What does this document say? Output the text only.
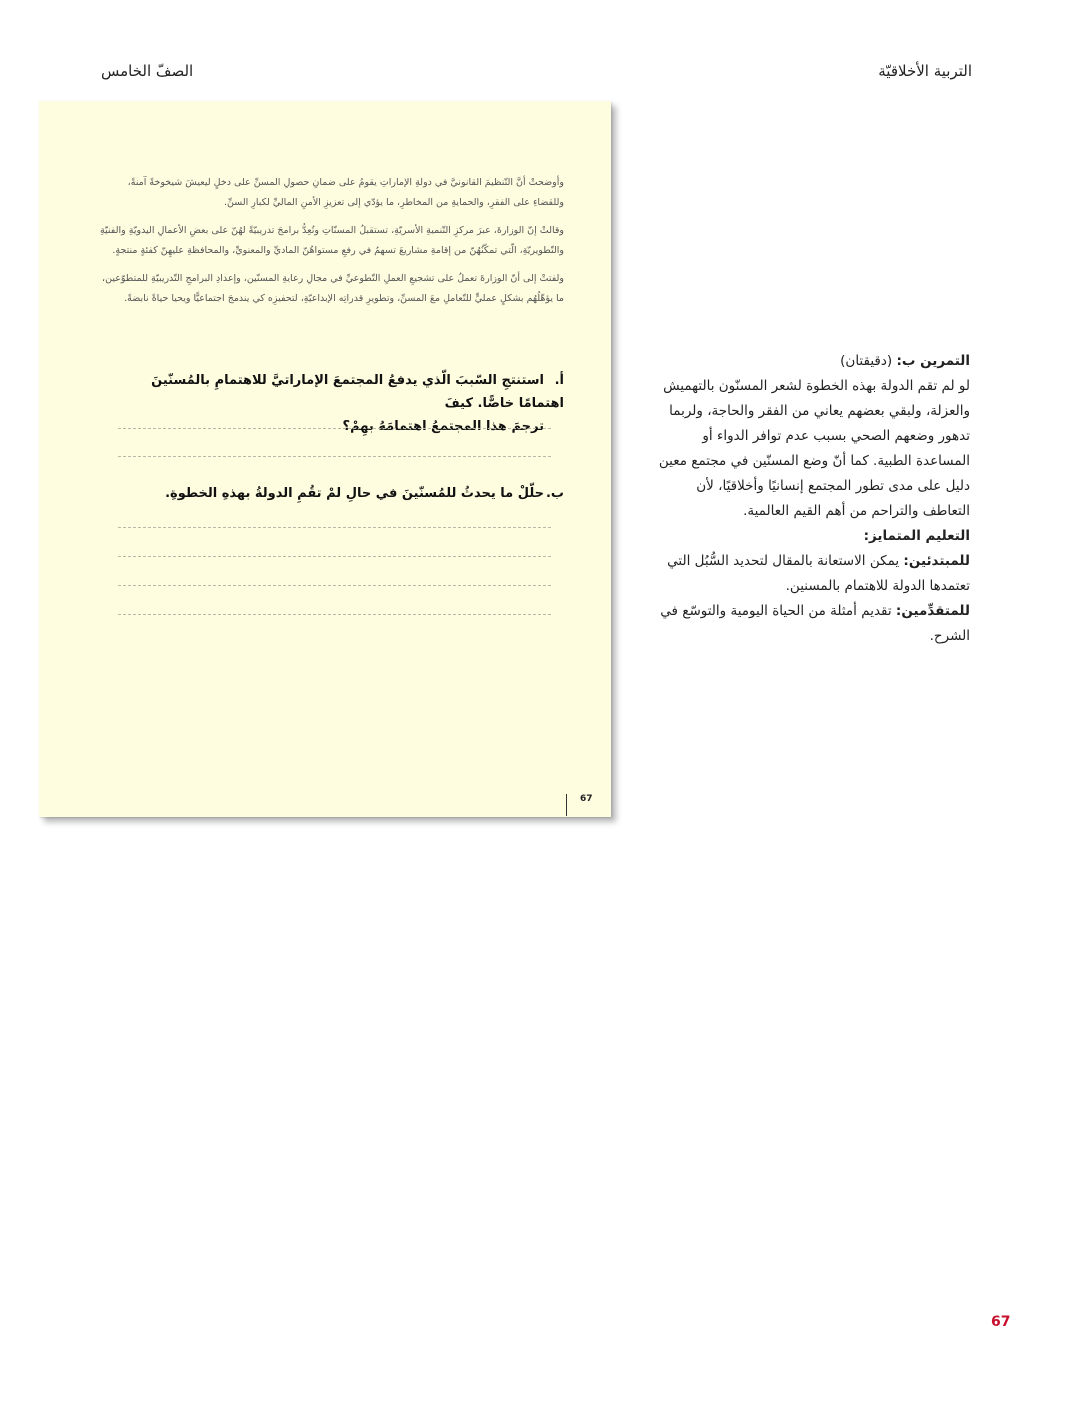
التربية الأخلاقيّة
الصفّ الخامس
وأوضحتْ أنَّ التّنظيمَ القانونيَّ في دولةِ الإماراتِ يقومُ على ضمانِ حصولِ المسنِّ على دخلٍ ليعيشَ شيخوخةً آمنةً، وللقضاءِ على الفقرِ، والحمايةِ من المخاطرِ، ما يؤدّي إلى تعزيزِ الأمنِ الماليِّ لكبارِ السنِّ.
وقالتْ إنّ الوزارةَ، عبرَ مركزِ التّنميةِ الأسريّةِ، تستقبلُ المسنّاتِ وتُعِدُّ برامجَ تدريبيّةً لهُنّ على بعضِ الأعمالِ اليدويّةِ والفنيّةِ والتّطويريّةِ، الّتي تمكّنُهُنّ من إقامةِ مشاريعَ تسهمُ في رفعِ مستواهُنّ الماديِّ والمعنويِّ، والمحافظةِ عليهِنّ كفئةٍ منتجةٍ.
ولفتتْ إلى أنّ الوزارةَ تعملُ على تشجيعِ العملِ التّطوعيِّ في مجالِ رعايةِ المسنّين، وإعدادِ البرامجِ التّدريبيّةِ للمتطوّعين، ما يؤهّلُهُم بشكلٍ عمليٍّ للتّعاملِ معَ المسنِّ، وتطويرِ قدراتِه الإبداعيّةِ، لتحفيزِه كي يندمجَ اجتماعيًّا ويحيا حياةً نابضةً.
أ.استنتجِ السّببَ الّذي يدفعُ المجتمعَ الإماراتيَّ للاهتمامِ بالمُسنّينَ اهتمامًا خاصًّا. كيفَ
ترجمَ هذا المجتمعُ اهتمامَهُ بهِمْ؟
ب.حلّلْ ما يحدثُ للمُسنّينَ في حالِ لمْ تقُمِ الدولةُ بهذهِ الخطوةِ.
67

التمرين ب: (دقيقتان)

لو لم تقم الدولة بهذه الخطوة لشعر المسنّون بالتهميش والعزلة، ولبقي بعضهم يعاني من الفقر والحاجة، ولربما تدهور وضعهم الصحي بسبب عدم توافر الدواء أو المساعدة الطبية. كما أنّ وضع المسنّين في مجتمع معين دليل على مدى تطور المجتمع إنسانيًا وأخلاقيًا، لأن التعاطف والتراحم من أهم القيم العالمية.

التعليم المتمايز:

للمبتدئين: يمكن الاستعانة بالمقال لتحديد السُّبُل التي تعتمدها الدولة للاهتمام بالمسنين.

للمتقدِّمين: تقديم أمثلة من الحياة اليومية والتوسّع في الشرح.

67
